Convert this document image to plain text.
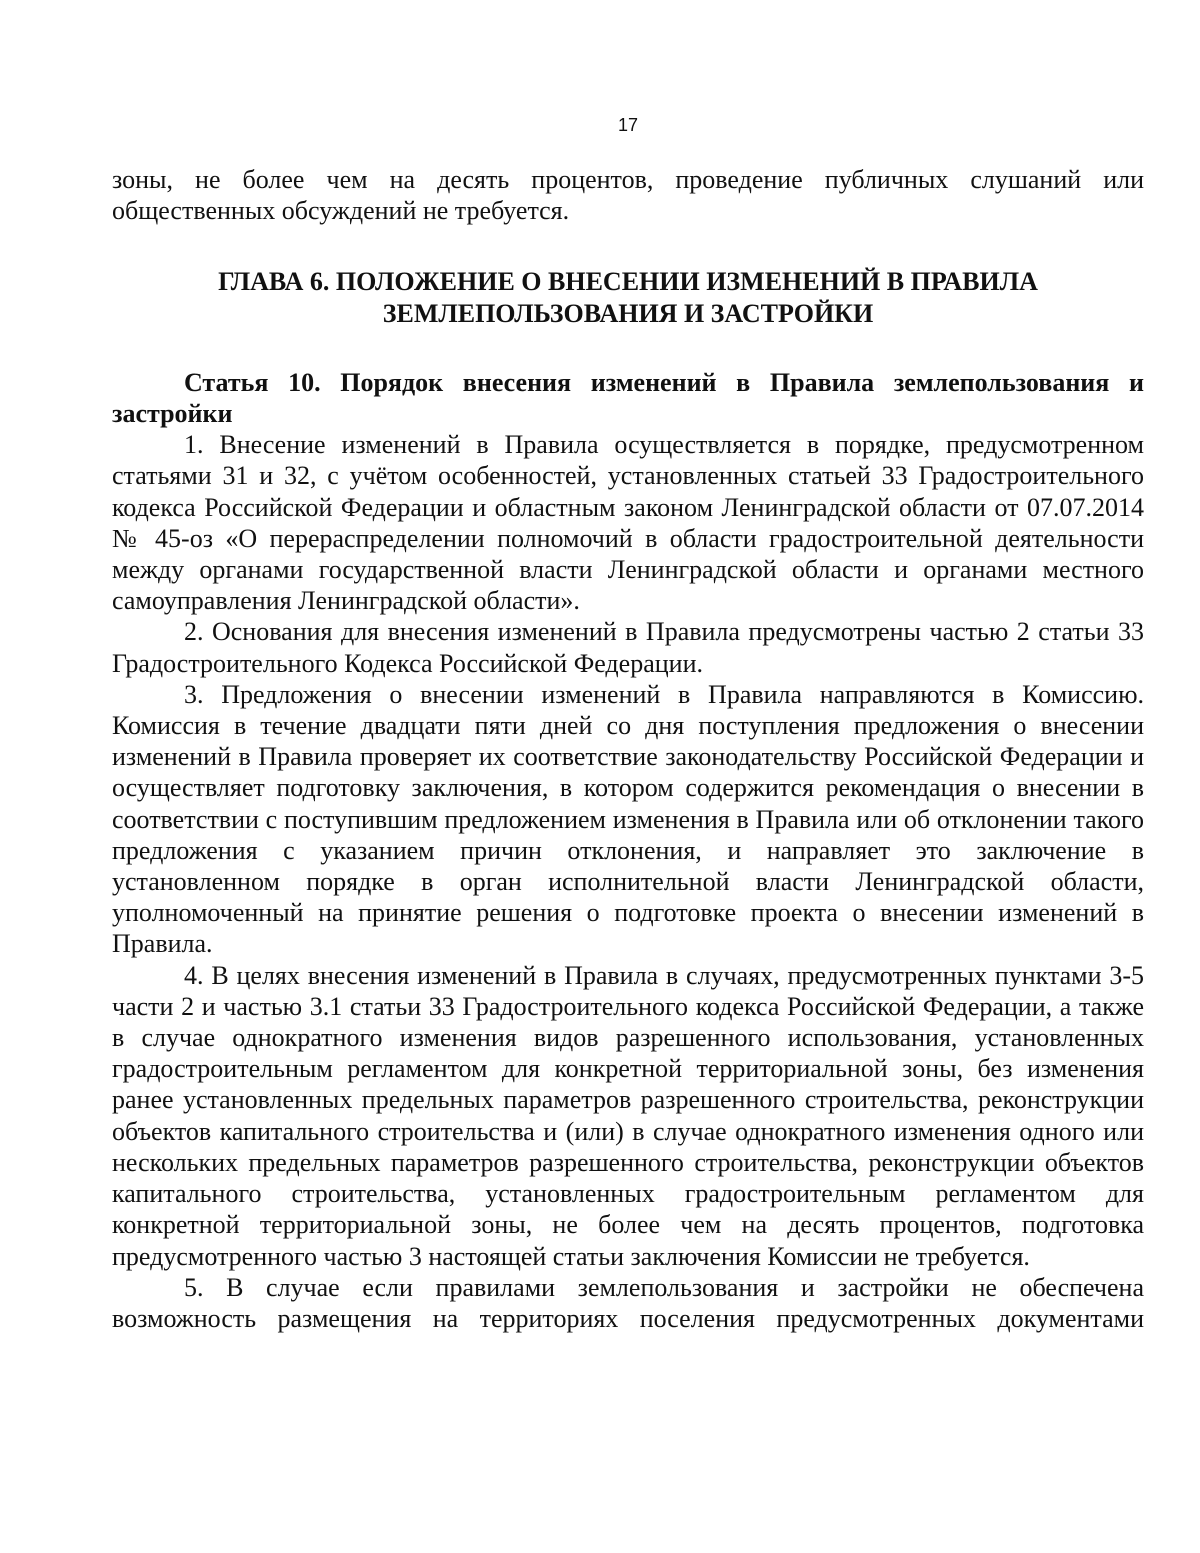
17

зоны, не более чем на десять процентов, проведение публичных слушаний или общественных обсуждений не требуется.

ГЛАВА 6. ПОЛОЖЕНИЕ О ВНЕСЕНИИ ИЗМЕНЕНИЙ В ПРАВИЛА ЗЕМЛЕПОЛЬЗОВАНИЯ И ЗАСТРОЙКИ

Статья 10. Порядок внесения изменений в Правила землепользования и застройки

1. Внесение изменений в Правила осуществляется в порядке, предусмотренном статьями 31 и 32, с учётом особенностей, установленных статьей 33 Градостроительного кодекса Российской Федерации и областным законом Ленинградской области от 07.07.2014 № 45-оз «О перераспределении полномочий в области градостроительной деятельности между органами государственной власти Ленинградской области и органами местного самоуправления Ленинградской области».

2. Основания для внесения изменений в Правила предусмотрены частью 2 статьи 33 Градостроительного Кодекса Российской Федерации.

3. Предложения о внесении изменений в Правила направляются в Комиссию. Комиссия в течение двадцати пяти дней со дня поступления предложения о внесении изменений в Правила проверяет их соответствие законодательству Российской Федерации и осуществляет подготовку заключения, в котором содержится рекомендация о внесении в соответствии с поступившим предложением изменения в Правила или об отклонении такого предложения с указанием причин отклонения, и направляет это заключение в установленном порядке в орган исполнительной власти Ленинградской области, уполномоченный на принятие решения о подготовке проекта о внесении изменений в Правила.

4. В целях внесения изменений в Правила в случаях, предусмотренных пунктами 3-5 части 2 и частью 3.1 статьи 33 Градостроительного кодекса Российской Федерации, а также в случае однократного изменения видов разрешенного использования, установленных градостроительным регламентом для конкретной территориальной зоны, без изменения ранее установленных предельных параметров разрешенного строительства, реконструкции объектов капитального строительства и (или) в случае однократного изменения одного или нескольких предельных параметров разрешенного строительства, реконструкции объектов капитального строительства, установленных градостроительным регламентом для конкретной территориальной зоны, не более чем на десять процентов, подготовка предусмотренного частью 3 настоящей статьи заключения Комиссии не требуется.

5. В случае если правилами землепользования и застройки не обеспечена возможность размещения на территориях поселения предусмотренных документами
